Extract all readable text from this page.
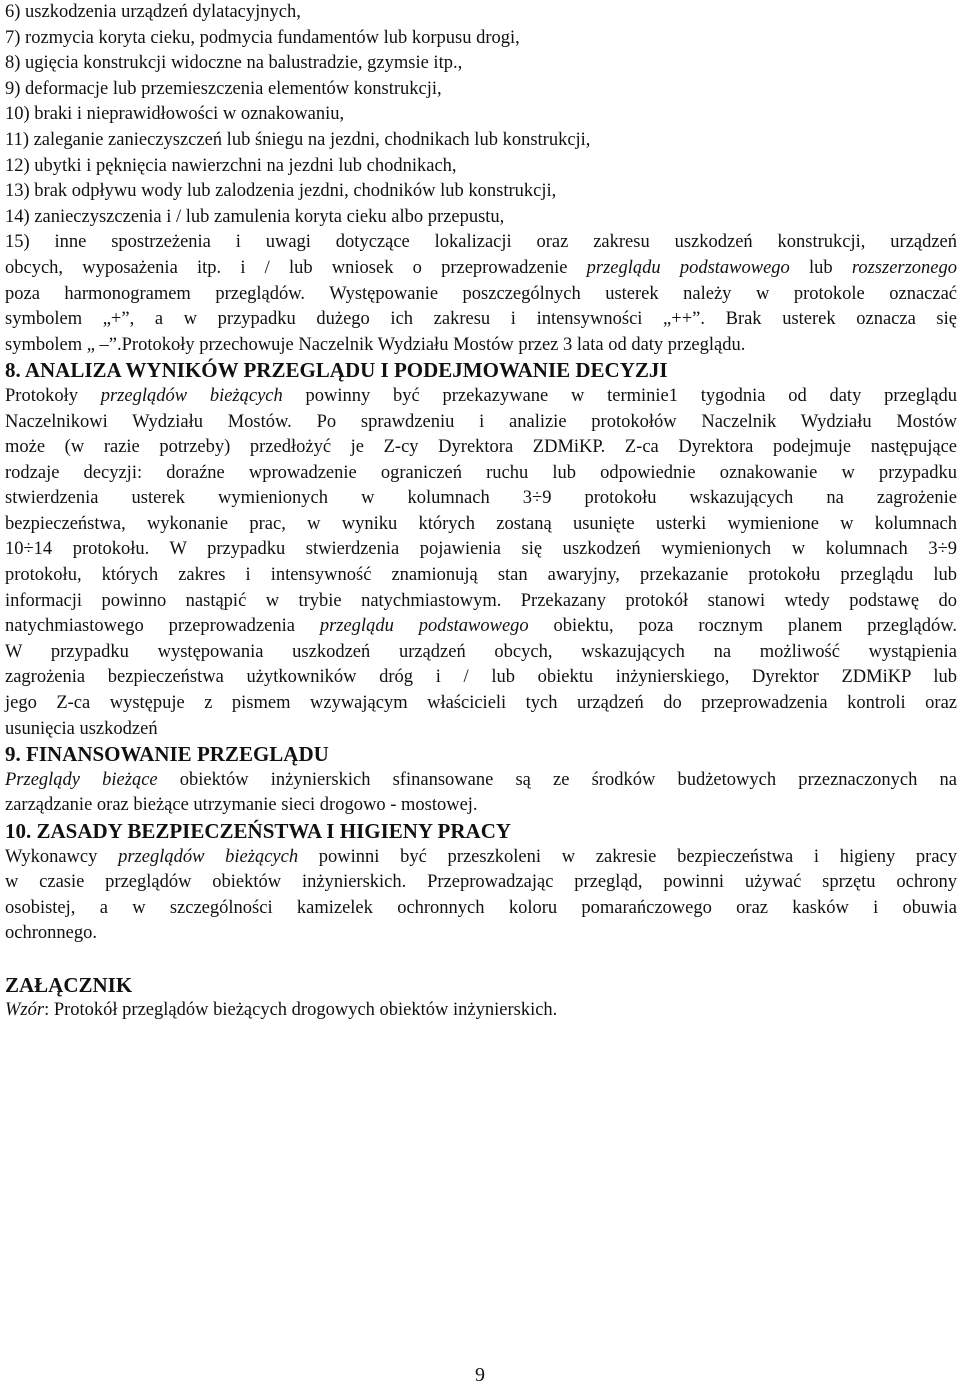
6) uszkodzenia urządzeń dylatacyjnych,

7) rozmycia koryta cieku, podmycia fundamentów lub korpusu drogi,

8) ugięcia konstrukcji widoczne na balustradzie, gzymsie itp.,

9) deformacje lub przemieszczenia elementów konstrukcji,

10) braki i nieprawidłowości w oznakowaniu,

11) zaleganie zanieczyszczeń lub śniegu na jezdni, chodnikach lub konstrukcji,

12) ubytki i pęknięcia nawierzchni na jezdni lub chodnikach,

13) brak odpływu wody lub zalodzenia jezdni, chodników lub konstrukcji,

14) zanieczyszczenia i / lub zamulenia koryta cieku albo przepustu,

15) inne spostrzeżenia i uwagi dotyczące lokalizacji oraz zakresu uszkodzeń konstrukcji, urządzeń

obcych, wyposażenia itp. i / lub wniosek o przeprowadzenie przeglądu podstawowego lub rozszerzonego

poza harmonogramem przeglądów. Występowanie poszczególnych usterek należy w protokole oznaczać

symbolem „+”, a w przypadku dużego ich zakresu i intensywności „++”. Brak usterek oznacza się

symbolem „ –”.Protokoły przechowuje Naczelnik Wydziału Mostów przez 3 lata od daty przeglądu.

8. ANALIZA WYNIKÓW PRZEGLĄDU I PODEJMOWANIE DECYZJI

Protokoły przeglądów bieżących powinny być przekazywane w terminie1 tygodnia od daty przeglądu

Naczelnikowi Wydziału Mostów. Po sprawdzeniu i analizie protokołów Naczelnik Wydziału Mostów

może (w razie potrzeby) przedłożyć je Z-cy Dyrektora ZDMiKP. Z-ca Dyrektora podejmuje następujące

rodzaje decyzji: doraźne wprowadzenie ograniczeń ruchu lub odpowiednie oznakowanie w przypadku

stwierdzenia usterek wymienionych w kolumnach 3÷9 protokołu wskazujących na zagrożenie

bezpieczeństwa, wykonanie prac, w wyniku których zostaną usunięte usterki wymienione w kolumnach

10÷14 protokołu. W przypadku stwierdzenia pojawienia się uszkodzeń wymienionych w kolumnach 3÷9

protokołu, których zakres i intensywność znamionują stan awaryjny, przekazanie protokołu przeglądu lub

informacji powinno nastąpić w trybie natychmiastowym. Przekazany protokół stanowi wtedy podstawę do

natychmiastowego przeprowadzenia przeglądu podstawowego obiektu, poza rocznym planem przeglądów.

W przypadku występowania uszkodzeń urządzeń obcych, wskazujących na możliwość wystąpienia

zagrożenia bezpieczeństwa użytkowników dróg i / lub obiektu inżynierskiego, Dyrektor ZDMiKP lub

jego Z-ca występuje z pismem wzywającym właścicieli tych urządzeń do przeprowadzenia kontroli oraz

usunięcia uszkodzeń

9. FINANSOWANIE PRZEGLĄDU

Przeglądy bieżące obiektów inżynierskich sfinansowane są ze środków budżetowych przeznaczonych na

zarządzanie oraz bieżące utrzymanie sieci drogowo - mostowej.

10. ZASADY BEZPIECZEŃSTWA I HIGIENY PRACY

Wykonawcy przeglądów bieżących powinni być przeszkoleni w zakresie bezpieczeństwa i higieny pracy

w czasie przeglądów obiektów inżynierskich. Przeprowadzając przegląd, powinni używać sprzętu ochrony

osobistej, a w szczególności kamizelek ochronnych koloru pomarańczowego oraz kasków i obuwia

ochronnego.

ZAŁĄCZNIK

Wzór: Protokół przeglądów bieżących drogowych obiektów inżynierskich.

9
